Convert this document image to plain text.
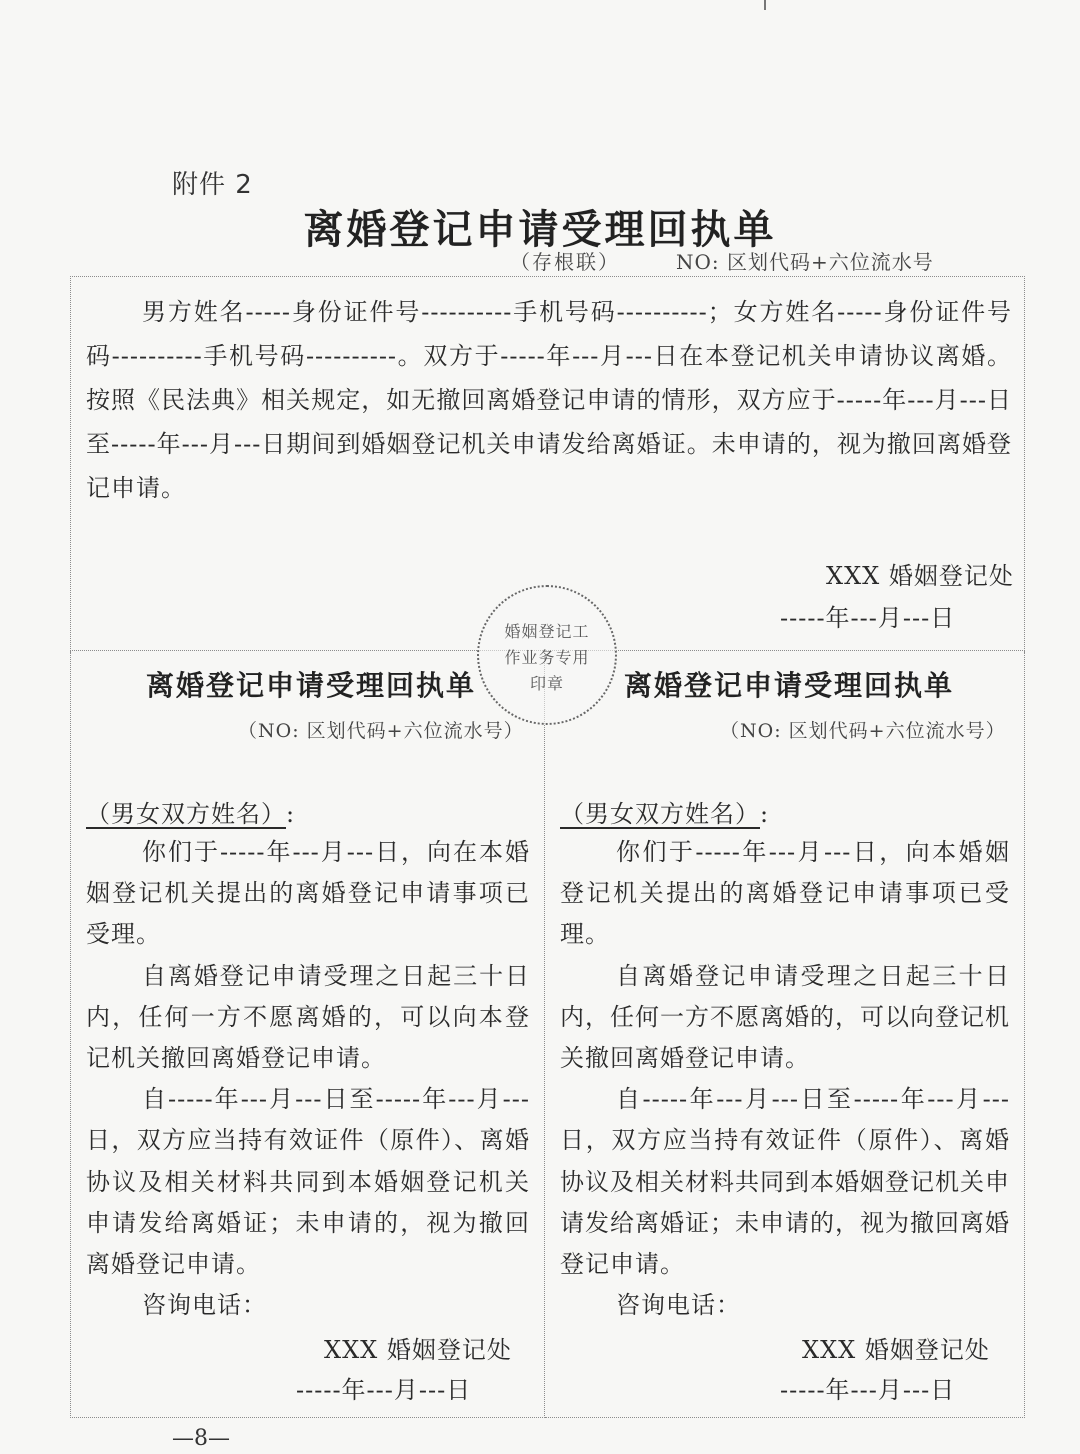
附件 2
离婚登记申请受理回执单
（存根联）	NO: 区划代码+六位流水号
男方姓名-----身份证件号----------手机号码----------；女方姓名-----身份证件号码----------手机号码----------。双方于-----年---月---日在本登记机关申请协议离婚。按照《民法典》相关规定，如无撤回离婚登记申请的情形，双方应于-----年---月---日至-----年---月---日期间到婚姻登记机关申请发给离婚证。未申请的，视为撤回离婚登记申请。
XXX 婚姻登记处
-----年---月---日
离婚登记申请受理回执单
（NO: 区划代码+六位流水号）
（男女双方姓名）:

你们于-----年---月---日，向在本婚姻登记机关提出的离婚登记申请事项已受理。

自离婚登记申请受理之日起三十日内，任何一方不愿离婚的，可以向本登记机关撤回离婚登记申请。

自-----年---月---日至-----年---月---日，双方应当持有效证件（原件）、离婚协议及相关材料共同到本婚姻登记机关申请发给离婚证；未申请的，视为撤回离婚登记申请。

咨询电话：

XXX 婚姻登记处
-----年---月---日
离婚登记申请受理回执单
（NO: 区划代码+六位流水号）
（男女双方姓名）:

你们于-----年---月---日，向本婚姻登记机关提出的离婚登记申请事项已受理。

自离婚登记申请受理之日起三十日内，任何一方不愿离婚的，可以向登记机关撤回离婚登记申请。

自-----年---月---日至-----年---月---日，双方应当持有效证件（原件）、离婚协议及相关材料共同到本婚姻登记机关申请发给离婚证；未申请的，视为撤回离婚登记申请。

咨询电话：

XXX 婚姻登记处
-----年---月---日
婚姻登记工
作业务专用
印章
—8—
